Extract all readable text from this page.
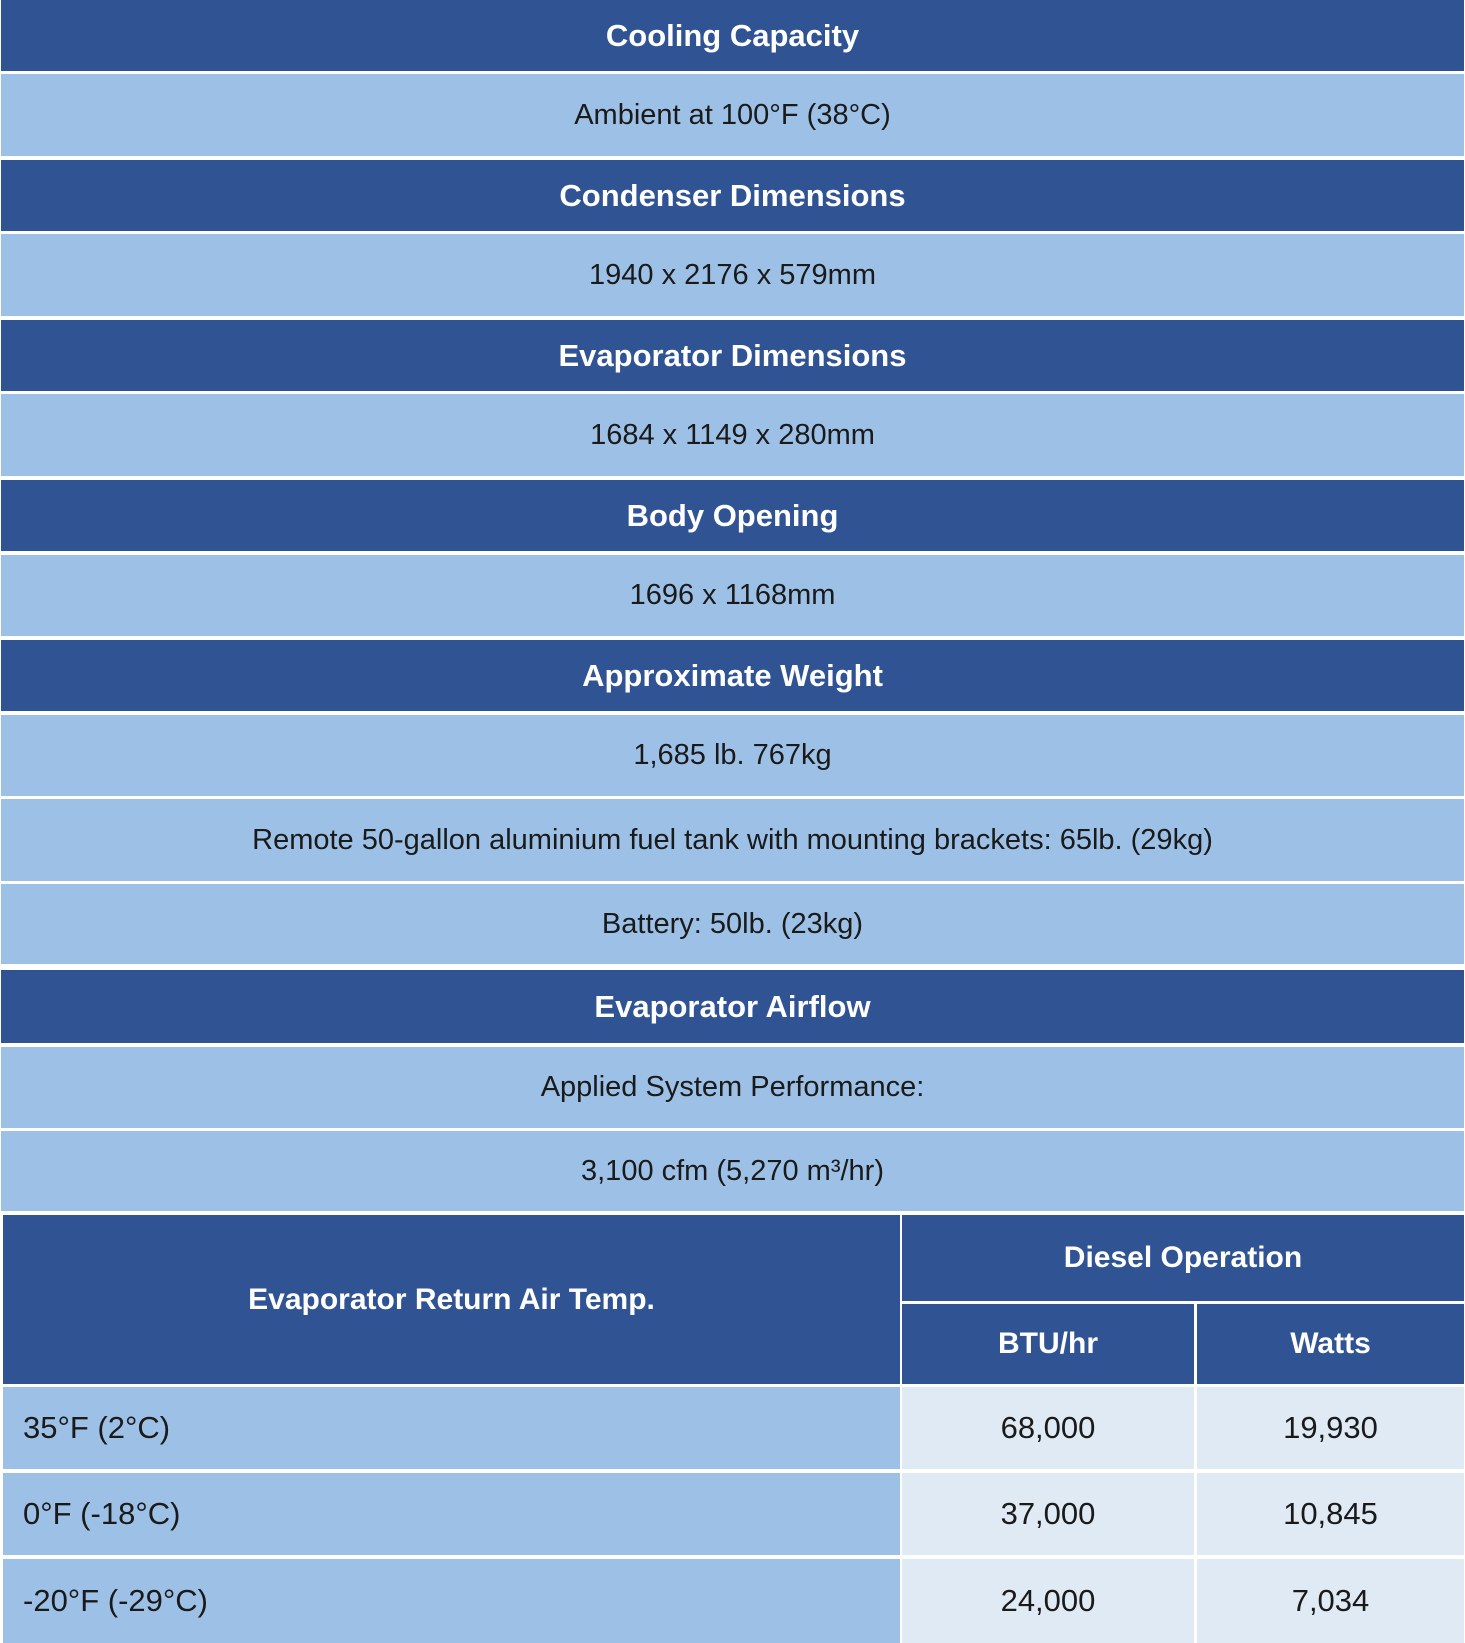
Cooling Capacity
Ambient at 100°F (38°C)
Condenser Dimensions
1940 x 2176 x 579mm
Evaporator Dimensions
1684 x 1149 x 280mm
Body Opening
1696 x 1168mm
Approximate Weight
1,685 lb. 767kg
Remote 50-gallon aluminium fuel tank with mounting brackets: 65lb. (29kg)
Battery: 50lb. (23kg)
Evaporator Airflow
Applied System Performance:
3,100 cfm (5,270 m³/hr)
Evaporator Return Air Temp.
Diesel Operation
BTU/hr	Watts
35°F (2°C)	68,000	19,930
0°F (-18°C)	37,000	10,845
-20°F (-29°C)	24,000	7,034
